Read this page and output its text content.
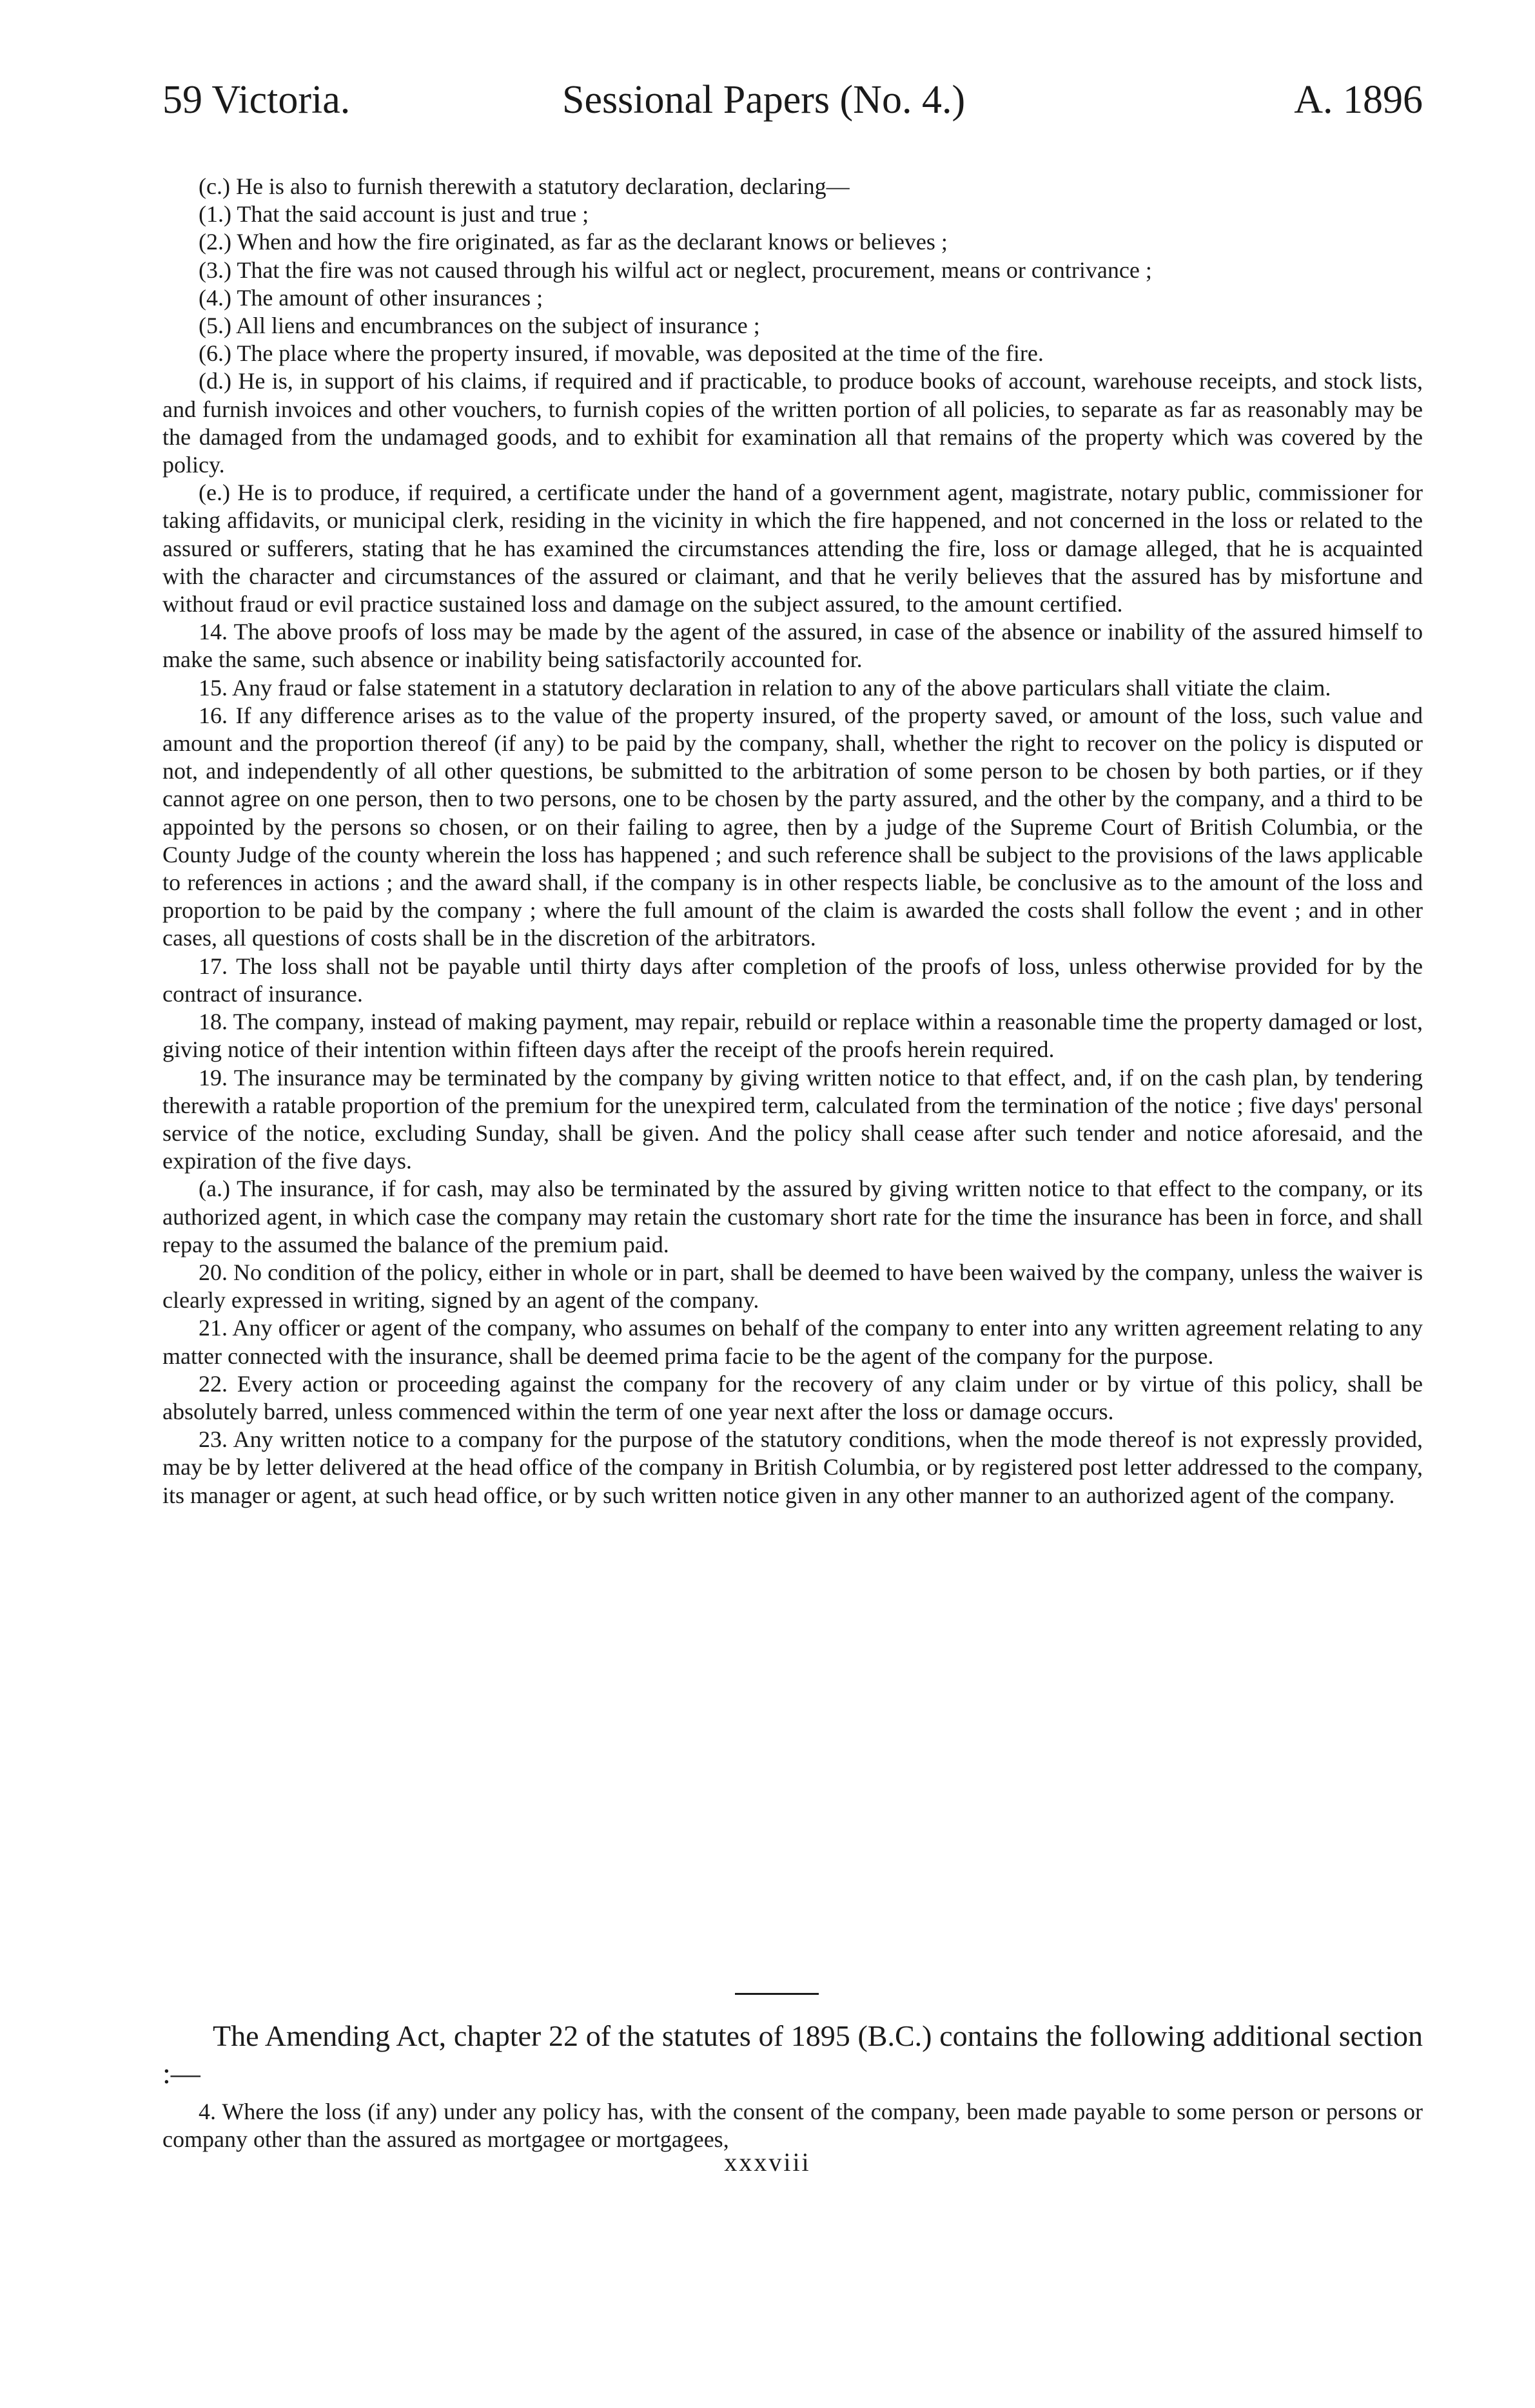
59 Victoria.	Sessional Papers (No. 4.)	A. 1896

(c.) He is also to furnish therewith a statutory declaration, declaring—

(1.) That the said account is just and true ;

(2.) When and how the fire originated, as far as the declarant knows or believes ;

(3.) That the fire was not caused through his wilful act or neglect, procurement, means or contrivance ;

(4.) The amount of other insurances ;

(5.) All liens and encumbrances on the subject of insurance ;

(6.) The place where the property insured, if movable, was deposited at the time of the fire.

(d.) He is, in support of his claims, if required and if practicable, to produce books of account, warehouse receipts, and stock lists, and furnish invoices and other vouchers, to furnish copies of the written portion of all policies, to separate as far as reasonably may be the damaged from the undamaged goods, and to exhibit for examination all that remains of the property which was covered by the policy.

(e.) He is to produce, if required, a certificate under the hand of a government agent, magistrate, notary public, commissioner for taking affidavits, or municipal clerk, residing in the vicinity in which the fire happened, and not concerned in the loss or related to the assured or sufferers, stating that he has examined the circumstances attending the fire, loss or damage alleged, that he is acquainted with the character and circumstances of the assured or claimant, and that he verily believes that the assured has by misfortune and without fraud or evil practice sustained loss and damage on the subject assured, to the amount certified.

14. The above proofs of loss may be made by the agent of the assured, in case of the absence or inability of the assured himself to make the same, such absence or inability being satisfactorily accounted for.

15. Any fraud or false statement in a statutory declaration in relation to any of the above particulars shall vitiate the claim.

16. If any difference arises as to the value of the property insured, of the property saved, or amount of the loss, such value and amount and the proportion thereof (if any) to be paid by the company, shall, whether the right to recover on the policy is disputed or not, and independently of all other questions, be submitted to the arbitration of some person to be chosen by both parties, or if they cannot agree on one person, then to two persons, one to be chosen by the party assured, and the other by the company, and a third to be appointed by the persons so chosen, or on their failing to agree, then by a judge of the Supreme Court of British Columbia, or the County Judge of the county wherein the loss has happened ; and such reference shall be subject to the provisions of the laws applicable to references in actions ; and the award shall, if the company is in other respects liable, be conclusive as to the amount of the loss and proportion to be paid by the company ; where the full amount of the claim is awarded the costs shall follow the event ; and in other cases, all questions of costs shall be in the discretion of the arbitrators.

17. The loss shall not be payable until thirty days after completion of the proofs of loss, unless otherwise provided for by the contract of insurance.

18. The company, instead of making payment, may repair, rebuild or replace within a reasonable time the property damaged or lost, giving notice of their intention within fifteen days after the receipt of the proofs herein required.

19. The insurance may be terminated by the company by giving written notice to that effect, and, if on the cash plan, by tendering therewith a ratable proportion of the premium for the unexpired term, calculated from the termination of the notice ; five days' personal service of the notice, excluding Sunday, shall be given. And the policy shall cease after such tender and notice aforesaid, and the expiration of the five days.

(a.) The insurance, if for cash, may also be terminated by the assured by giving written notice to that effect to the company, or its authorized agent, in which case the company may retain the customary short rate for the time the insurance has been in force, and shall repay to the assumed the balance of the premium paid.

20. No condition of the policy, either in whole or in part, shall be deemed to have been waived by the company, unless the waiver is clearly expressed in writing, signed by an agent of the company.

21. Any officer or agent of the company, who assumes on behalf of the company to enter into any written agreement relating to any matter connected with the insurance, shall be deemed prima facie to be the agent of the company for the purpose.

22. Every action or proceeding against the company for the recovery of any claim under or by virtue of this policy, shall be absolutely barred, unless commenced within the term of one year next after the loss or damage occurs.

23. Any written notice to a company for the purpose of the statutory conditions, when the mode thereof is not expressly provided, may be by letter delivered at the head office of the company in British Columbia, or by registered post letter addressed to the company, its manager or agent, at such head office, or by such written notice given in any other manner to an authorized agent of the company.

The Amending Act, chapter 22 of the statutes of 1895 (B.C.) contains the following additional section :—

4. Where the loss (if any) under any policy has, with the consent of the company, been made payable to some person or persons or company other than the assured as mortgagee or mortgagees,

xxxviii
